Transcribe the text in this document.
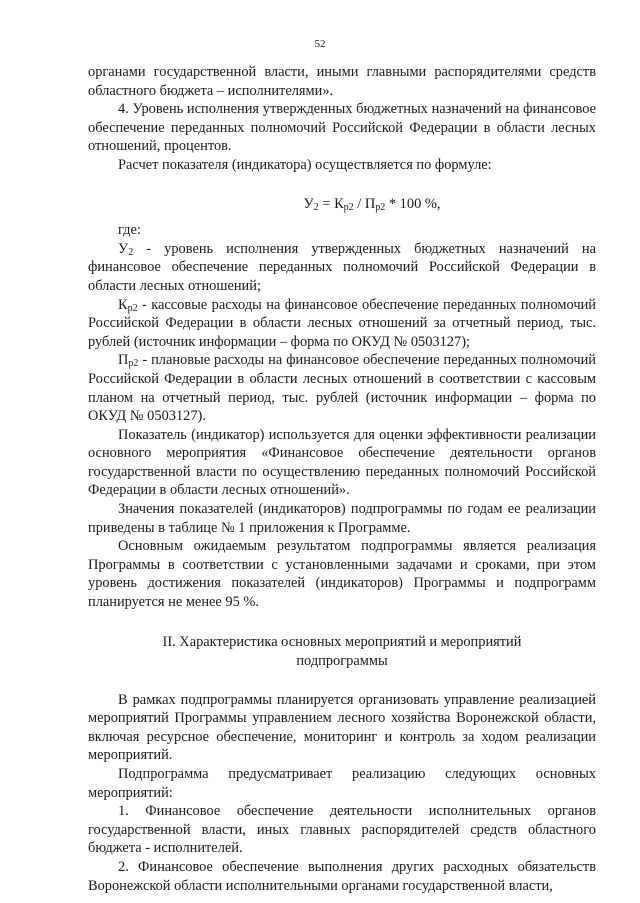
52

органами государственной власти, иными главными распорядителями средств областного бюджета – исполнителями».

4. Уровень исполнения утвержденных бюджетных назначений на финансовое обеспечение переданных полномочий Российской Федерации в области лесных отношений, процентов.

Расчет показателя (индикатора) осуществляется по формуле:

$У_2 = К_{р2} / П_{р2} * 100$ %,

где:

$У_2$ - уровень исполнения утвержденных бюджетных назначений на финансовое обеспечение переданных полномочий Российской Федерации в области лесных отношений;

$К_{р2}$ - кассовые расходы на финансовое обеспечение переданных полномочий Российской Федерации в области лесных отношений за отчетный период, тыс. рублей (источник информации – форма по ОКУД № 0503127);

$П_{р2}$ - плановые расходы на финансовое обеспечение переданных полномочий Российской Федерации в области лесных отношений в соответствии с кассовым планом на отчетный период, тыс. рублей (источник информации – форма по ОКУД № 0503127).

Показатель (индикатор) используется для оценки эффективности реализации основного мероприятия «Финансовое обеспечение деятельности органов государственной власти по осуществлению переданных полномочий Российской Федерации в области лесных отношений».

Значения показателей (индикаторов) подпрограммы по годам ее реализации приведены в таблице № 1 приложения к Программе.

Основным ожидаемым результатом подпрограммы является реализация Программы в соответствии с установленными задачами и сроками, при этом уровень достижения показателей (индикаторов) Программы и подпрограмм планируется не менее 95 %.

II. Характеристика основных мероприятий и мероприятий
подпрограммы

В рамках подпрограммы планируется организовать управление реализацией мероприятий Программы управлением лесного хозяйства Воронежской области, включая ресурсное обеспечение, мониторинг и контроль за ходом реализации мероприятий.

Подпрограмма предусматривает реализацию следующих основных мероприятий:

1. Финансовое обеспечение деятельности исполнительных органов государственной власти, иных главных распорядителей средств областного бюджета - исполнителей.

2. Финансовое обеспечение выполнения других расходных обязательств Воронежской области исполнительными органами государственной власти,
